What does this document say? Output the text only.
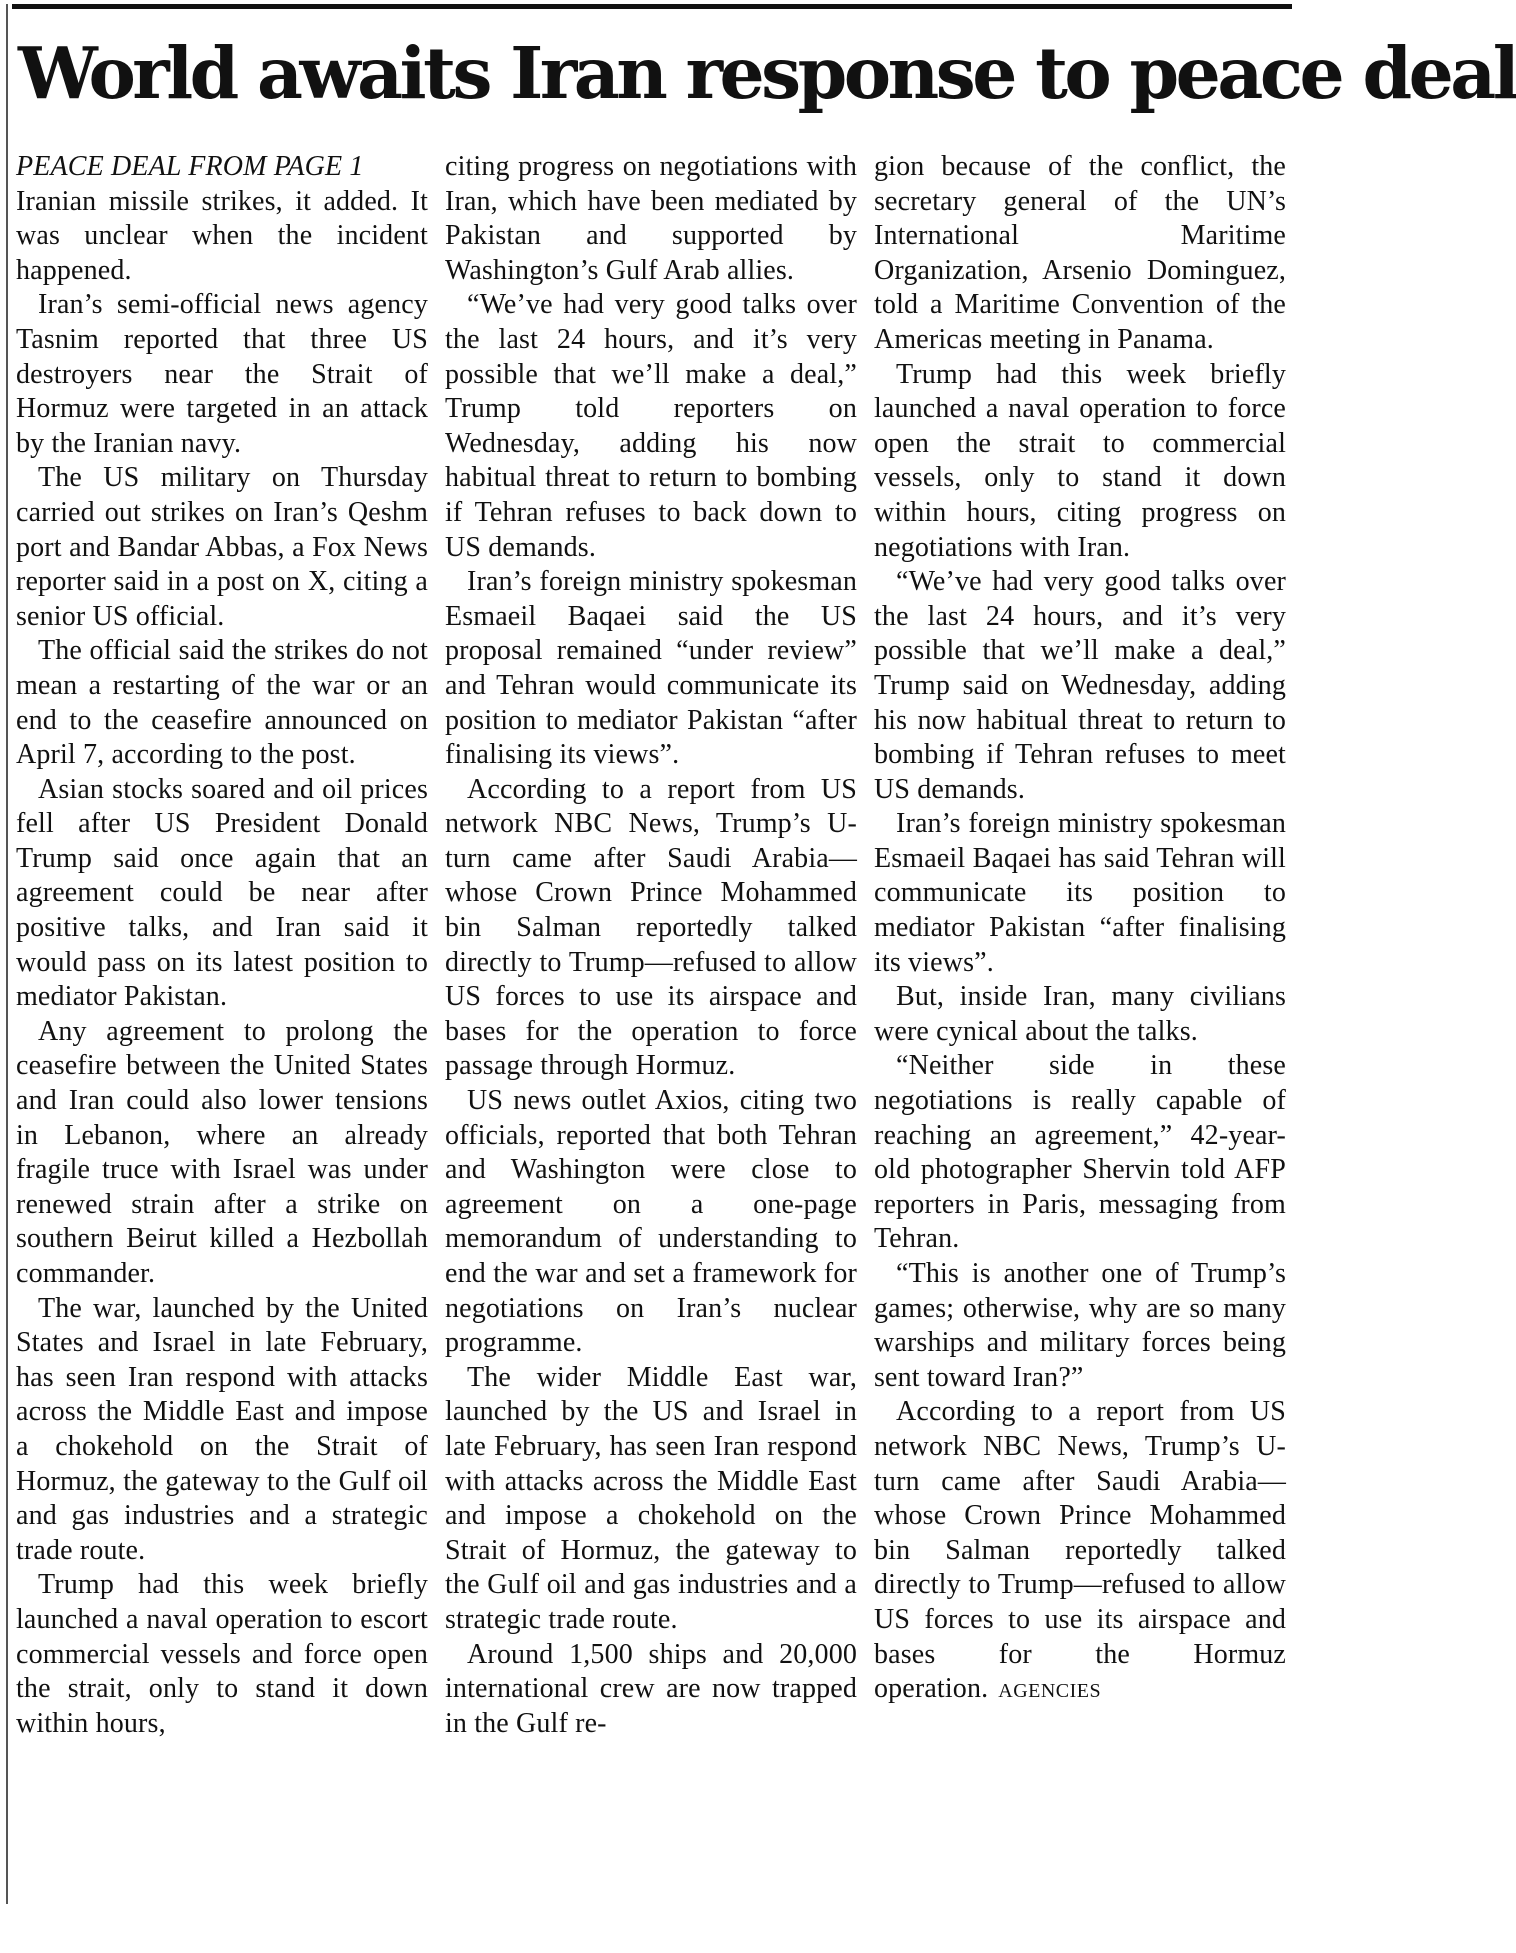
World awaits Iran response to peace deal

PEACE DEAL FROM PAGE 1

Iranian missile strikes, it added. It was unclear when the incident happened.

Iran’s semi-official news agency Tasnim reported that three US destroyers near the Strait of Hormuz were targeted in an attack by the Iranian navy.

The US military on Thursday carried out strikes on Iran’s Qeshm port and Bandar Abbas, a Fox News reporter said in a post on X, citing a senior US official.

The official said the strikes do not mean a restarting of the war or an end to the ceasefire announced on April 7, according to the post.

Asian stocks soared and oil prices fell after US President Donald Trump said once again that an agreement could be near after positive talks, and Iran said it would pass on its latest position to mediator Pakistan.

Any agreement to prolong the ceasefire between the United States and Iran could also lower tensions in Lebanon, where an already fragile truce with Israel was under renewed strain after a strike on southern Beirut killed a Hezbollah commander.

The war, launched by the United States and Israel in late February, has seen Iran respond with attacks across the Middle East and impose a chokehold on the Strait of Hormuz, the gateway to the Gulf oil and gas industries and a strategic trade route.

Trump had this week briefly launched a naval operation to escort commercial vessels and force open the strait, only to stand it down within hours,

citing progress on negotiations with Iran, which have been mediated by Pakistan and supported by Washington’s Gulf Arab allies.

“We’ve had very good talks over the last 24 hours, and it’s very possible that we’ll make a deal,” Trump told reporters on Wednesday, adding his now habitual threat to return to bombing if Tehran refuses to back down to US demands.

Iran’s foreign ministry spokesman Esmaeil Baqaei said the US proposal remained “under review” and Tehran would communicate its position to mediator Pakistan “after finalising its views”.

According to a report from US network NBC News, Trump’s U-turn came after Saudi Arabia—whose Crown Prince Mohammed bin Salman reportedly talked directly to Trump—refused to allow US forces to use its airspace and bases for the operation to force passage through Hormuz.

US news outlet Axios, citing two officials, reported that both Tehran and Washington were close to agreement on a one-page memorandum of understanding to end the war and set a framework for negotiations on Iran’s nuclear programme.

The wider Middle East war, launched by the US and Israel in late February, has seen Iran respond with attacks across the Middle East and impose a chokehold on the Strait of Hormuz, the gateway to the Gulf oil and gas industries and a strategic trade route.

Around 1,500 ships and 20,000 international crew are now trapped in the Gulf re-

gion because of the conflict, the secretary general of the UN’s International Maritime Organization, Arsenio Dominguez, told a Maritime Convention of the Americas meeting in Panama.

Trump had this week briefly launched a naval operation to force open the strait to commercial vessels, only to stand it down within hours, citing progress on negotiations with Iran.

“We’ve had very good talks over the last 24 hours, and it’s very possible that we’ll make a deal,” Trump said on Wednesday, adding his now habitual threat to return to bombing if Tehran refuses to meet US demands.

Iran’s foreign ministry spokesman Esmaeil Baqaei has said Tehran will communicate its position to mediator Pakistan “after finalising its views”.

But, inside Iran, many civilians were cynical about the talks.

“Neither side in these negotiations is really capable of reaching an agreement,” 42-year-old photographer Shervin told AFP reporters in Paris, messaging from Tehran.

“This is another one of Trump’s games; otherwise, why are so many warships and military forces being sent toward Iran?”

According to a report from US network NBC News, Trump’s U-turn came after Saudi Arabia—whose Crown Prince Mohammed bin Salman reportedly talked directly to Trump—refused to allow US forces to use its airspace and bases for the Hormuz operation. AGENCIES
